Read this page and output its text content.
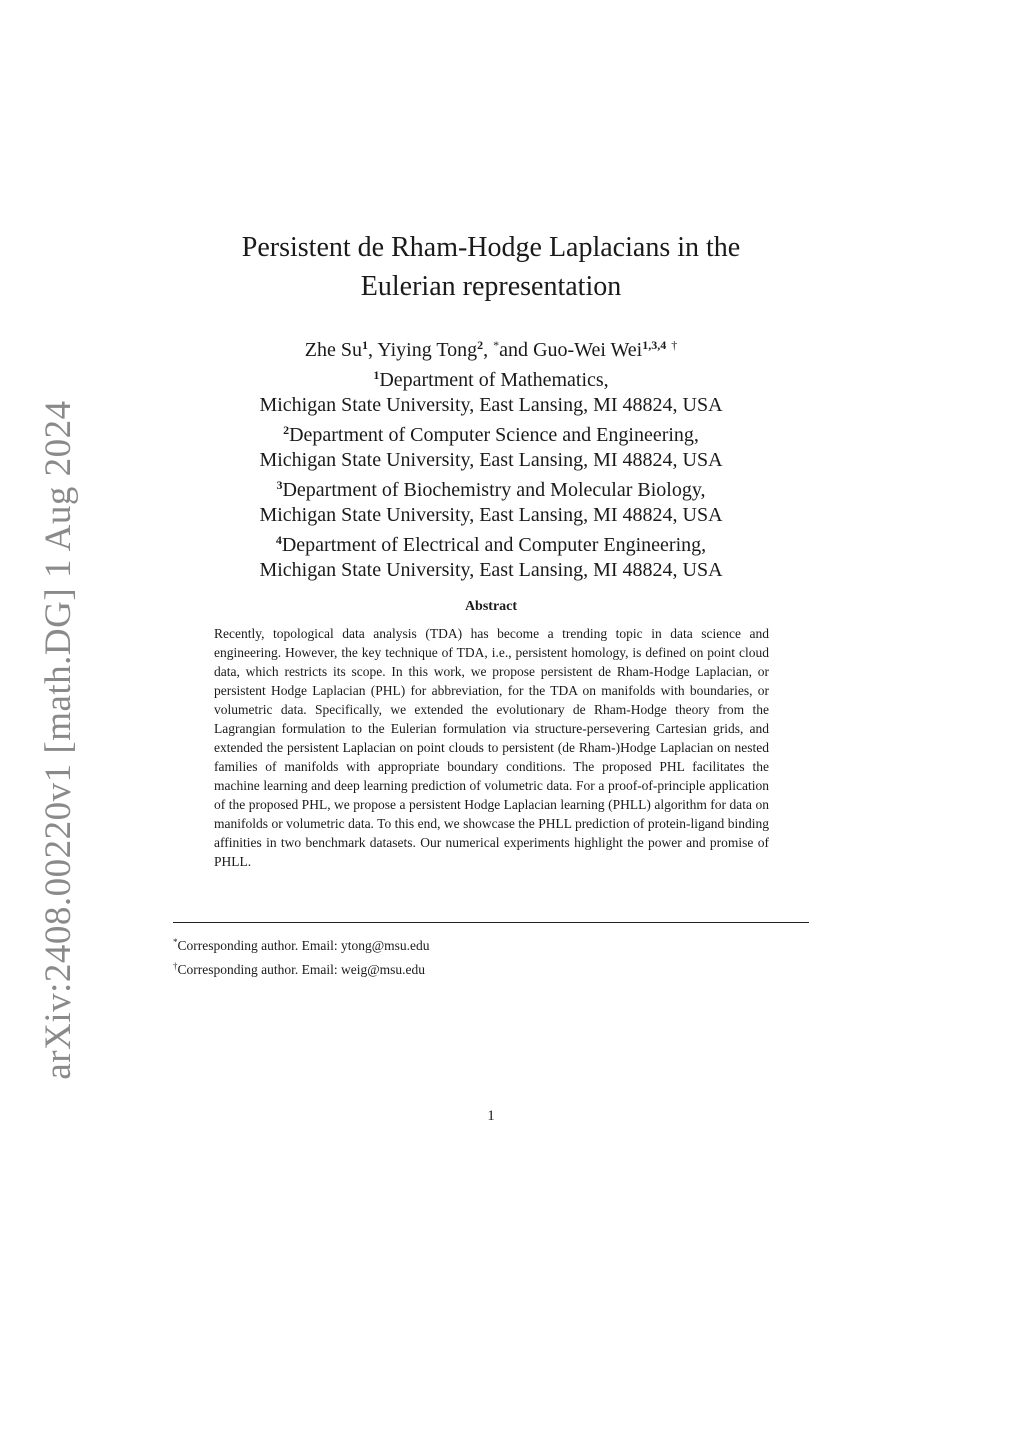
arXiv:2408.00220v1 [math.DG] 1 Aug 2024
Persistent de Rham-Hodge Laplacians in the
Eulerian representation
Zhe Su$^1$, Yiying Tong$^2$, *and Guo-Wei Wei$^{1,3,4}$ †
$^1$Department of Mathematics,
Michigan State University, East Lansing, MI 48824, USA
$^2$Department of Computer Science and Engineering,
Michigan State University, East Lansing, MI 48824, USA
$^3$Department of Biochemistry and Molecular Biology,
Michigan State University, East Lansing, MI 48824, USA
$^4$Department of Electrical and Computer Engineering,
Michigan State University, East Lansing, MI 48824, USA
Abstract

Recently, topological data analysis (TDA) has become a trending topic in data science and engineering. However, the key technique of TDA, i.e., persistent homology, is defined on point cloud data, which restricts its scope. In this work, we propose persistent de Rham-Hodge Laplacian, or persistent Hodge Laplacian (PHL) for abbreviation, for the TDA on manifolds with boundaries, or volumetric data. Specifically, we extended the evolutionary de Rham-Hodge theory from the Lagrangian formulation to the Eulerian formulation via structure-persevering Cartesian grids, and extended the persistent Laplacian on point clouds to persistent (de Rham-)Hodge Laplacian on nested families of manifolds with appropriate boundary conditions. The proposed PHL facilitates the machine learning and deep learning prediction of volumetric data. For a proof-of-principle application of the proposed PHL, we propose a persistent Hodge Laplacian learning (PHLL) algorithm for data on manifolds or volumetric data. To this end, we showcase the PHLL prediction of protein-ligand binding affinities in two benchmark datasets. Our numerical experiments highlight the power and promise of PHLL.

*Corresponding author. Email: ytong@msu.edu
†Corresponding author. Email: weig@msu.edu
1
